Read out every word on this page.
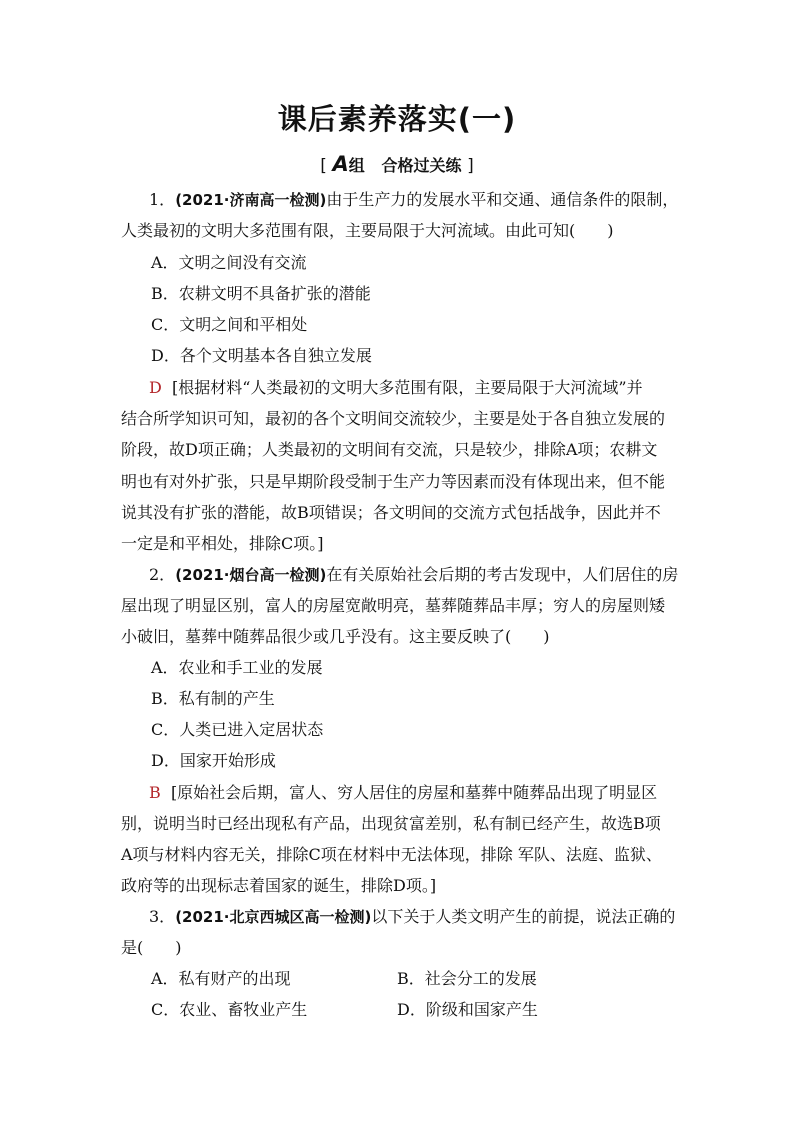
课后素养落实(一)
[ A组 合格过关练 ]
1．(2021·济南高一检测)由于生产力的发展水平和交通、通信条件的限制，
人类最初的文明大多范围有限，主要局限于大河流域。由此可知(　　)
A．文明之间没有交流
B．农耕文明不具备扩张的潜能
C．文明之间和平相处
D．各个文明基本各自独立发展
D [根据材料“人类最初的文明大多范围有限，主要局限于大河流域”并
结合所学知识可知，最初的各个文明间交流较少，主要是处于各自独立发展的
阶段，故D项正确；人类最初的文明间有交流，只是较少，排除A项；农耕文
明也有对外扩张，只是早期阶段受制于生产力等因素而没有体现出来，但不能
说其没有扩张的潜能，故B项错误；各文明间的交流方式包括战争，因此并不
一定是和平相处，排除C项。]
2．(2021·烟台高一检测)在有关原始社会后期的考古发现中，人们居住的房
屋出现了明显区别，富人的房屋宽敞明亮，墓葬随葬品丰厚；穷人的房屋则矮
小破旧，墓葬中随葬品很少或几乎没有。这主要反映了(　　)
A．农业和手工业的发展
B．私有制的产生
C．人类已进入定居状态
D．国家开始形成
B [原始社会后期，富人、穷人居住的房屋和墓葬中随葬品出现了明显区
别，说明当时已经出现私有产品，出现贫富差别，私有制已经产生，故选B项
A项与材料内容无关，排除C项在材料中无法体现，排除 军队、法庭、监狱、
政府等的出现标志着国家的诞生，排除D项。]
3．(2021·北京西城区高一检测)以下关于人类文明产生的前提，说法正确的
是(　　)
A．私有财产的出现	B．社会分工的发展
C．农业、畜牧业产生	D．阶级和国家产生
